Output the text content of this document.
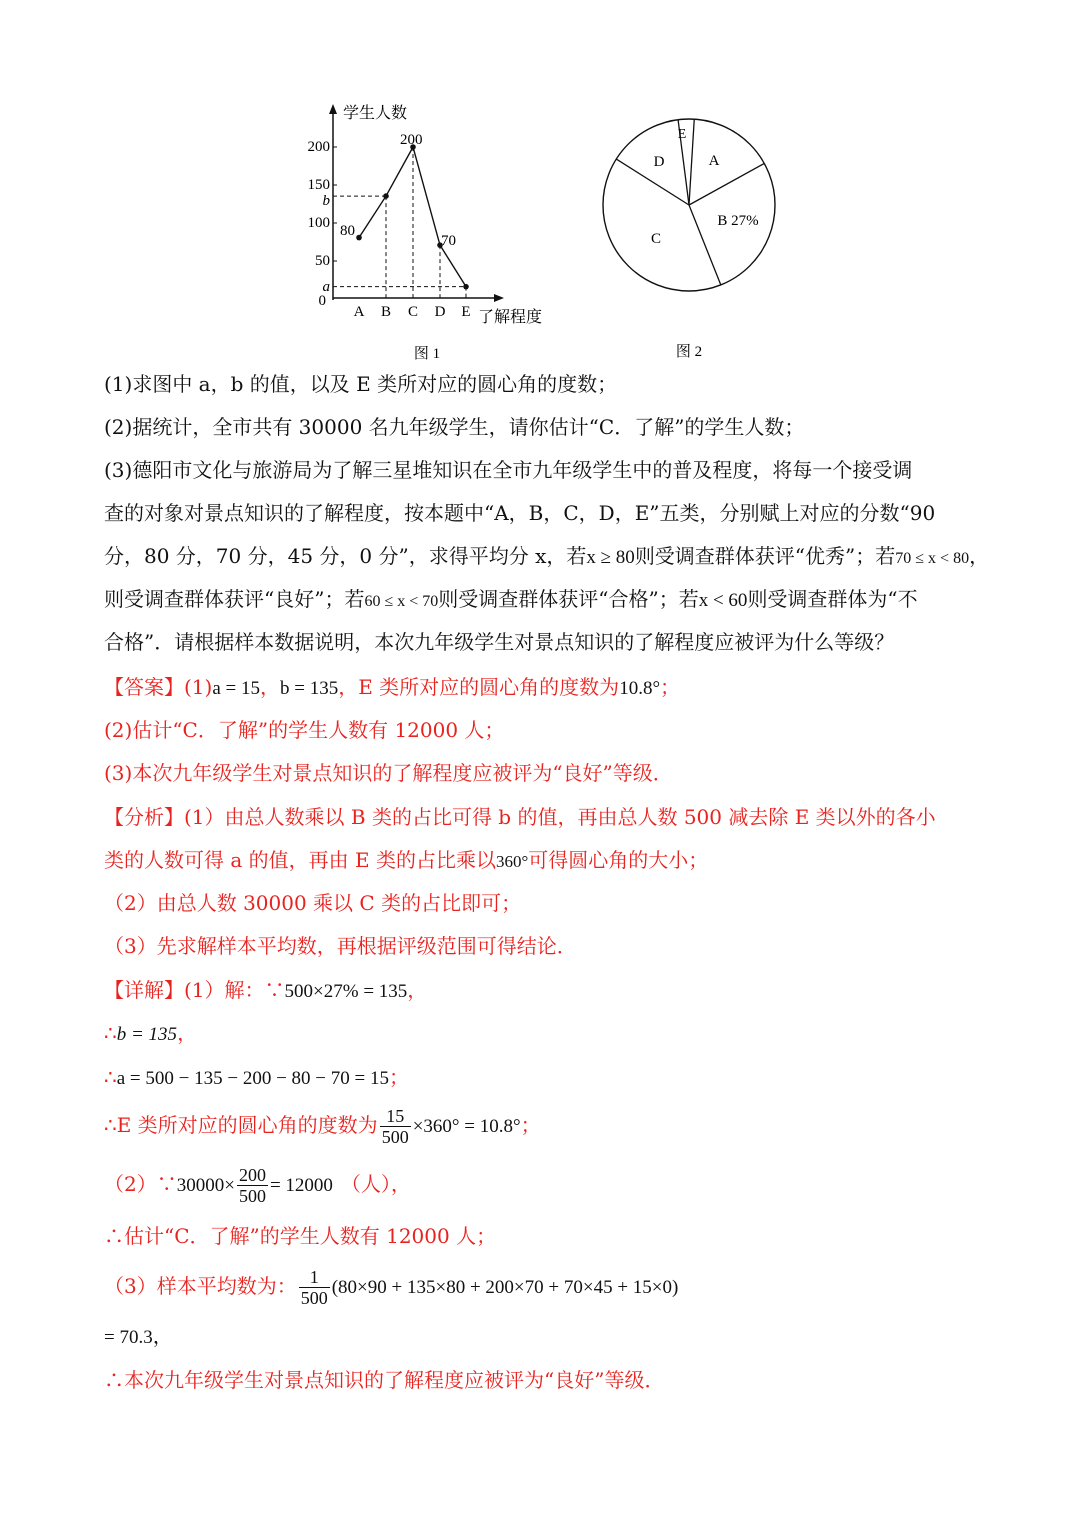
学生人数
了解程度
200
150
b
100
50
a
0
A B C D E
80
200
70
图 1
A
B 27%
C
D
E
图 2
(1)求图中 a，b 的值，以及 E 类所对应的圆心角的度数；
(2)据统计，全市共有 30000 名九年级学生，请你估计“C．了解”的学生人数；
(3)德阳市文化与旅游局为了解三星堆知识在全市九年级学生中的普及程度，将每一个接受调
查的对象对景点知识的了解程度，按本题中“A，B，C，D，E”五类，分别赋上对应的分数“90
分，80 分，70 分，45 分，0 分”，求得平均分 x，若x ≥ 80则受调查群体获评“优秀”；若70 ≤ x < 80，
则受调查群体获评“良好”；若60 ≤ x < 70则受调查群体获评“合格”；若x < 60则受调查群体为“不
合格”．请根据样本数据说明，本次九年级学生对景点知识的了解程度应被评为什么等级？
【答案】(1)a = 15，b = 135，E 类所对应的圆心角的度数为10.8°；
(2)估计“C．了解”的学生人数有 12000 人；
(3)本次九年级学生对景点知识的了解程度应被评为“良好”等级．
【分析】(1）由总人数乘以 B 类的占比可得 b 的值，再由总人数 500 减去除 E 类以外的各小
类的人数可得 a 的值，再由 E 类的占比乘以360°可得圆心角的大小；
（2）由总人数 30000 乘以 C 类的占比即可；
（3）先求解样本平均数，再根据评级范围可得结论．
【详解】(1）解：∵500×27% = 135，
∴b = 135，
∴a = 500 − 135 − 200 − 80 − 70 = 15；
∴E 类所对应的圆心角的度数为 $\frac{15}{500} \times 360^\circ = 10.8^\circ$；
（2）∵30000× $\frac{200}{500} = 12000$ （人），
∴估计“C．了解”的学生人数有 12000 人；
（3）样本平均数为： $\frac{1}{500} (80\times 90 + 135\times 80 + 200\times 70 + 70\times 45 + 15\times 0)$
= 70.3，
∴本次九年级学生对景点知识的了解程度应被评为“良好”等级．
